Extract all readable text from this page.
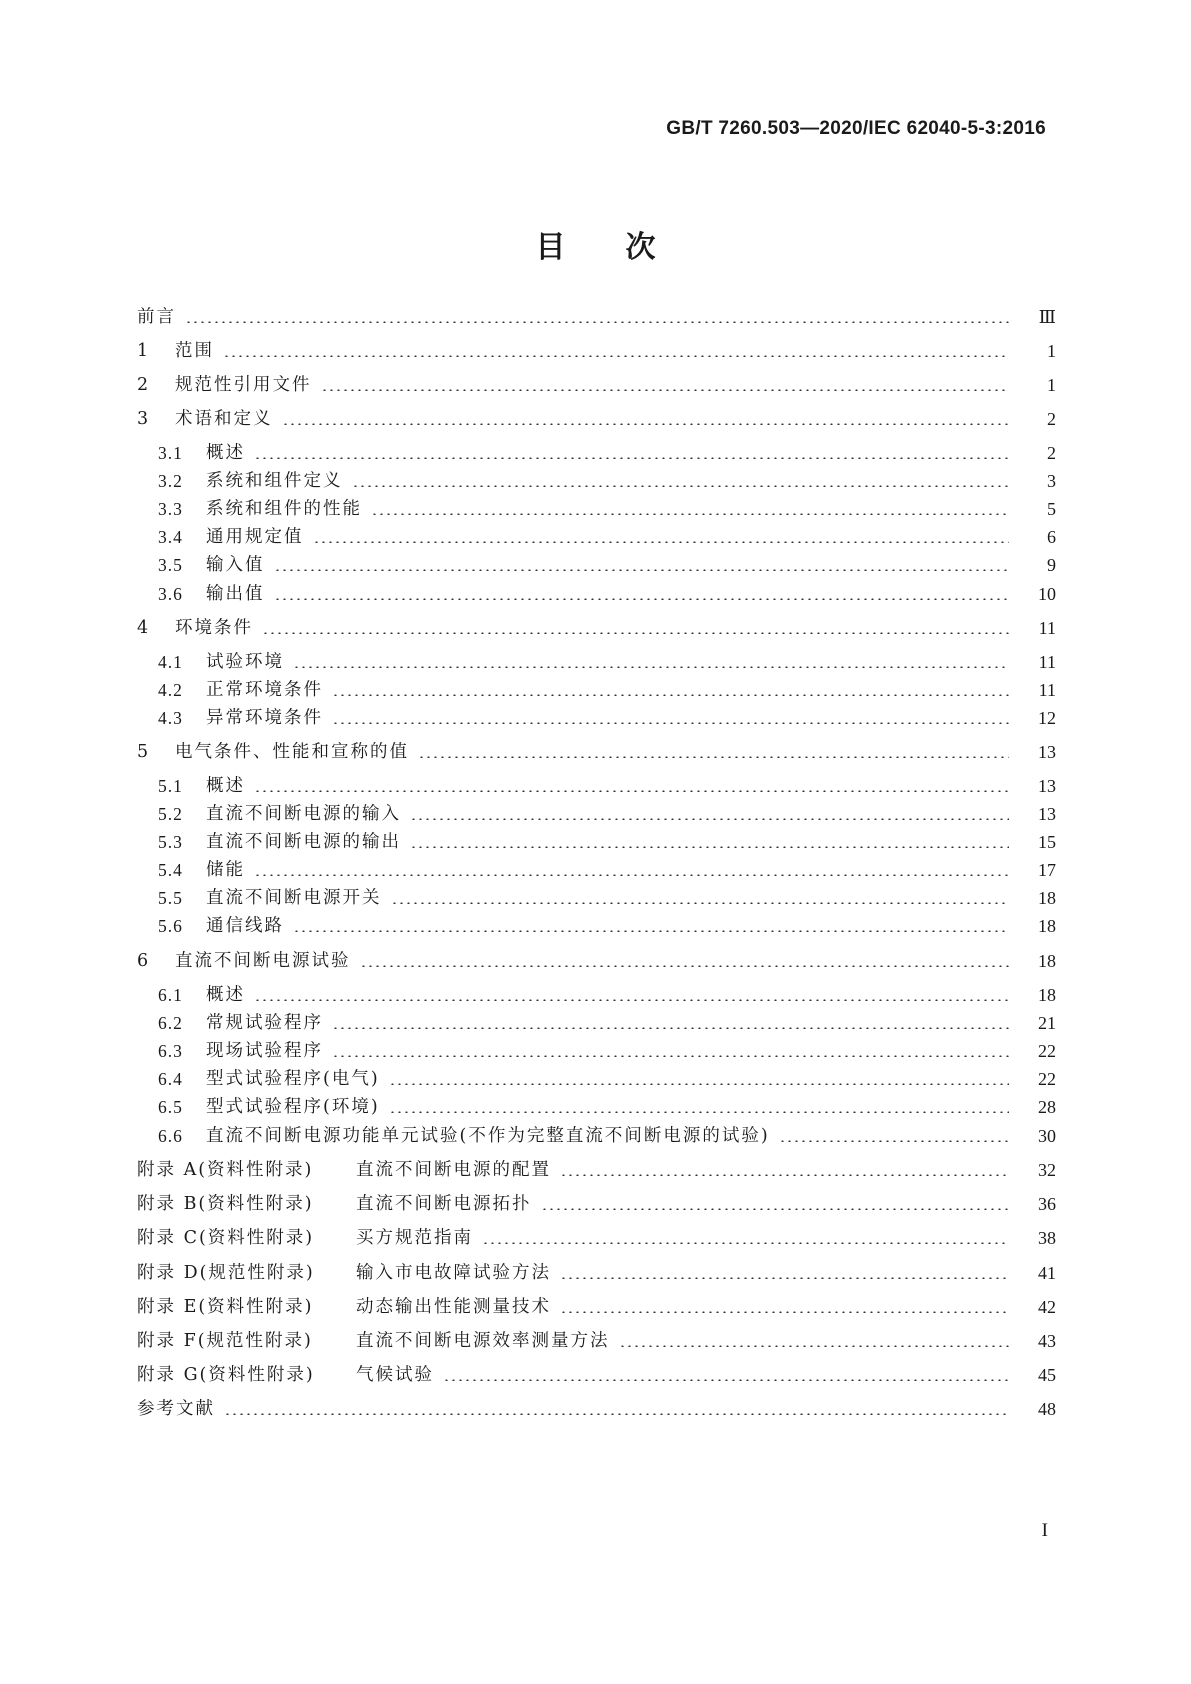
GB/T 7260.503—2020/IEC 62040-5-3:2016
目次
前言	Ⅲ
1	范围	1
2	规范性引用文件	1
3	术语和定义	2
3.1	概述	2
3.2	系统和组件定义	3
3.3	系统和组件的性能	5
3.4	通用规定值	6
3.5	输入值	9
3.6	输出值	10
4	环境条件	11
4.1	试验环境	11
4.2	正常环境条件	11
4.3	异常环境条件	12
5	电气条件、性能和宣称的值	13
5.1	概述	13
5.2	直流不间断电源的输入	13
5.3	直流不间断电源的输出	15
5.4	储能	17
5.5	直流不间断电源开关	18
5.6	通信线路	18
6	直流不间断电源试验	18
6.1	概述	18
6.2	常规试验程序	21
6.3	现场试验程序	22
6.4	型式试验程序(电气)	22
6.5	型式试验程序(环境)	28
6.6	直流不间断电源功能单元试验(不作为完整直流不间断电源的试验)	30
附录 A(资料性附录)	直流不间断电源的配置	32
附录 B(资料性附录)	直流不间断电源拓扑	36
附录 C(资料性附录)	买方规范指南	38
附录 D(规范性附录)	输入市电故障试验方法	41
附录 E(资料性附录)	动态输出性能测量技术	42
附录 F(规范性附录)	直流不间断电源效率测量方法	43
附录 G(资料性附录)	气候试验	45
参考文献	48
I
